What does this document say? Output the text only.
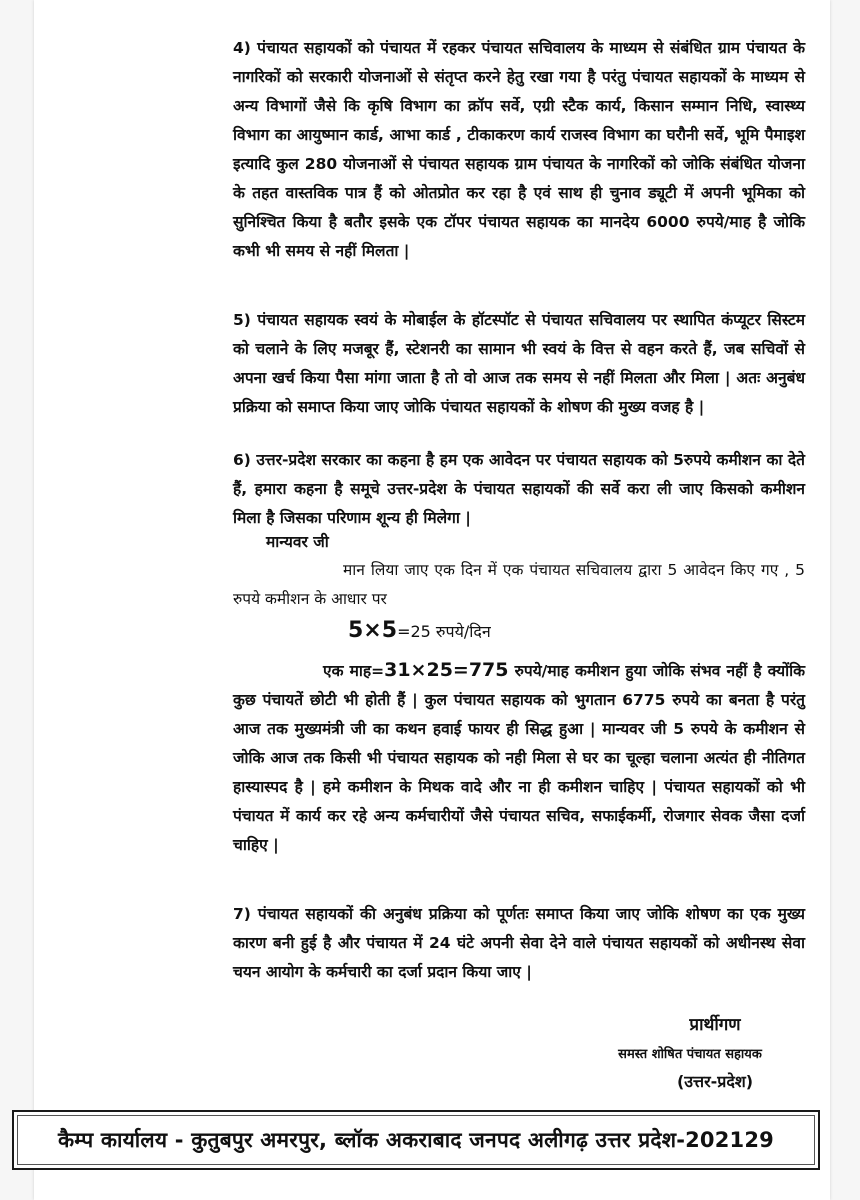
4) पंचायत सहायकों को पंचायत में रहकर पंचायत सचिवालय के माध्यम से संबंधित ग्राम पंचायत के नागरिकों को सरकारी योजनाओं से संतृप्त करने हेतु रखा गया है परंतु पंचायत सहायकों के माध्यम से अन्य विभागों जैसे कि कृषि विभाग का क्रॉप सर्वे, एग्री स्टैक कार्य, किसान सम्मान निधि, स्वास्थ्य विभाग का आयुष्मान कार्ड, आभा कार्ड , टीकाकरण कार्य राजस्व विभाग का घरौनी सर्वे, भूमि पैमाइश इत्यादि कुल 280 योजनाओं से पंचायत सहायक ग्राम पंचायत के नागरिकों को जोकि संबंधित योजना के तहत वास्तविक पात्र हैं को ओतप्रोत कर रहा है एवं साथ ही चुनाव ड्यूटी में अपनी भूमिका को सुनिश्चित किया है बतौर इसके एक टॉपर पंचायत सहायक का मानदेय 6000 रुपये/माह है जोकि कभी भी समय से नहीं मिलता |
5) पंचायत सहायक स्वयं के मोबाईल के हॉटस्पॉट से पंचायत सचिवालय पर स्थापित कंप्यूटर सिस्टम को चलाने के लिए मजबूर हैं, स्टेशनरी का सामान भी स्वयं के वित्त से वहन करते हैं, जब सचिवों से अपना खर्च किया पैसा मांगा जाता है तो वो आज तक समय से नहीं मिलता और मिला | अतः अनुबंध प्रक्रिया को समाप्त किया जाए जोकि पंचायत सहायकों के शोषण की मुख्य वजह है |
6) उत्तर-प्रदेश सरकार का कहना है हम एक आवेदन पर पंचायत सहायक को 5रुपये कमीशन का देते हैं, हमारा कहना है समूचे उत्तर-प्रदेश के पंचायत सहायकों की सर्वे करा ली जाए किसको कमीशन मिला है जिसका परिणाम शून्य ही मिलेगा |
मान्यवर जी
मान लिया जाए एक दिन में एक पंचायत सचिवालय द्वारा 5 आवेदन किए गए , 5 रुपये कमीशन के आधार पर
5×5=25 रुपये/दिन
एक माह=31×25=775 रुपये/माह कमीशन हुया जोकि संभव नहीं है क्योंकि कुछ पंचायतें छोटी भी होती हैं | कुल पंचायत सहायक को भुगतान 6775 रुपये का बनता है परंतु आज तक मुख्यमंत्री जी का कथन हवाई फायर ही सिद्ध हुआ | मान्यवर जी 5 रुपये के कमीशन से जोकि आज तक किसी भी पंचायत सहायक को नही मिला से घर का चूल्हा चलाना अत्यंत ही नीतिगत हास्यास्पद है | हमे कमीशन के मिथक वादे और ना ही कमीशन चाहिए | पंचायत सहायकों को भी पंचायत में कार्य कर रहे अन्य कर्मचारीयों जैसे पंचायत सचिव, सफाईकर्मी, रोजगार सेवक जैसा दर्जा चाहिए |
7) पंचायत सहायकों की अनुबंध प्रक्रिया को पूर्णतः समाप्त किया जाए जोकि शोषण का एक मुख्य कारण बनी हुई है और पंचायत में 24 घंटे अपनी सेवा देने वाले पंचायत सहायकों को अधीनस्थ सेवा चयन आयोग के कर्मचारी का दर्जा प्रदान किया जाए |
प्रार्थीगण
समस्त शोषित पंचायत सहायक
(उत्तर-प्रदेश)
कैम्प कार्यालय - कुतुबपुर अमरपुर, ब्लॉक अकराबाद जनपद अलीगढ़ उत्तर प्रदेश-202129
